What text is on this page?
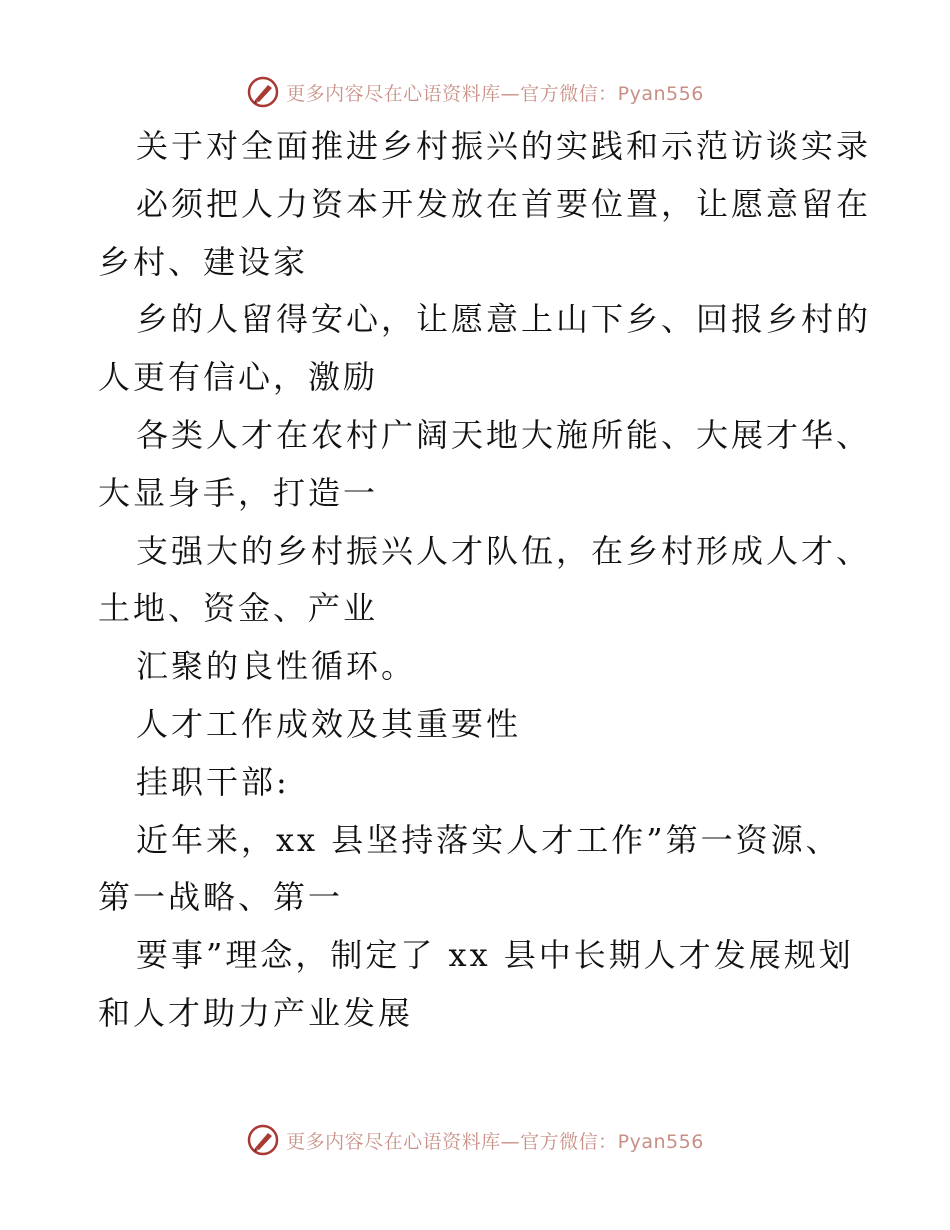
更多内容尽在心语资料库—官方微信：Pyan556
关于对全面推进乡村振兴的实践和示范访谈实录
必须把人力资本开发放在首要位置，让愿意留在
乡村、建设家
乡的人留得安心，让愿意上山下乡、回报乡村的
人更有信心，激励
各类人才在农村广阔天地大施所能、大展才华、
大显身手，打造一
支强大的乡村振兴人才队伍，在乡村形成人才、
土地、资金、产业
汇聚的良性循环。
人才工作成效及其重要性
挂职干部:
近年来，xx 县坚持落实人才工作”第一资源、
第一战略、第一
要事”理念，制定了 xx 县中长期人才发展规划
和人才助力产业发展
更多内容尽在心语资料库—官方微信：Pyan556
